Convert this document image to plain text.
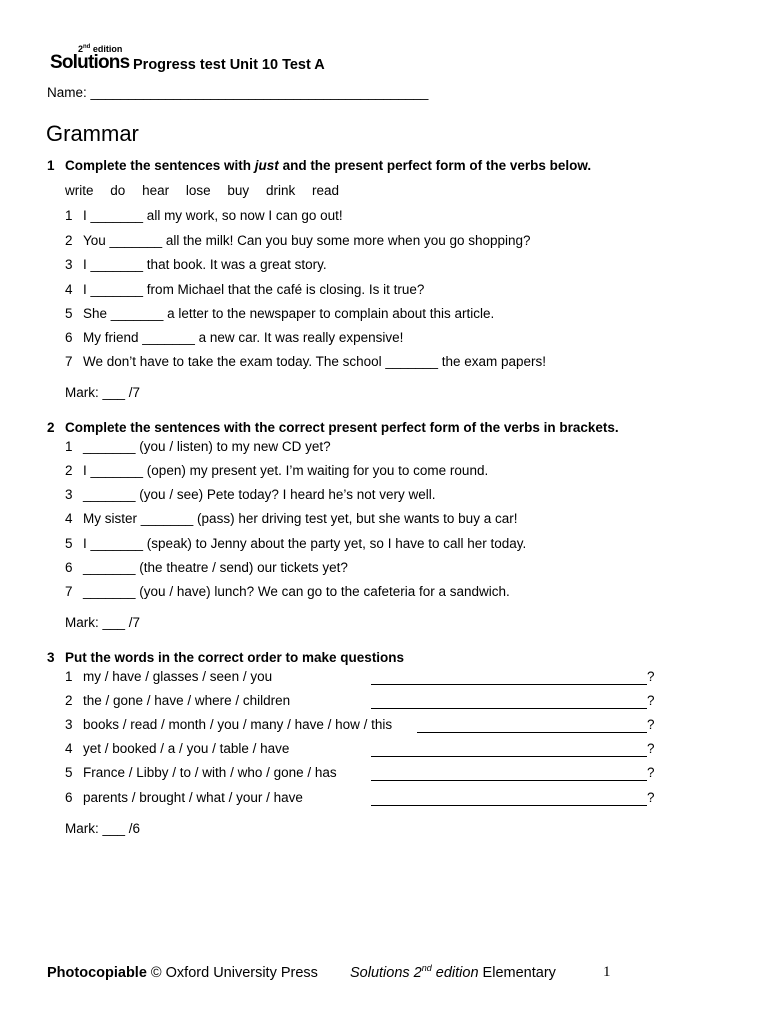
2nd edition
Solutions Progress test Unit 10 Test A
Name: _____________________________________________
Grammar
1 Complete the sentences with just and the present perfect form of the verbs below.
write do hear lose buy drink read
1 I _______ all my work, so now I can go out!
2 You _______ all the milk! Can you buy some more when you go shopping?
3 I _______ that book. It was a great story.
4 I _______ from Michael that the café is closing. Is it true?
5 She _______ a letter to the newspaper to complain about this article.
6 My friend _______ a new car. It was really expensive!
7 We don’t have to take the exam today. The school _______ the exam papers!
Mark: ___ /7
2 Complete the sentences with the correct present perfect form of the verbs in brackets.
1 _______ (you / listen) to my new CD yet?
2 I _______ (open) my present yet. I’m waiting for you to come round.
3 _______ (you / see) Pete today? I heard he’s not very well.
4 My sister _______ (pass) her driving test yet, but she wants to buy a car!
5 I _______ (speak) to Jenny about the party yet, so I have to call her today.
6 _______ (the theatre / send) our tickets yet?
7 _______ (you / have) lunch? We can go to the cafeteria for a sandwich.
Mark: ___ /7
3 Put the words in the correct order to make questions
1 my / have / glasses / seen / you	?
2 the / gone / have / where / children	?
3 books / read / month / you / many / have / how / this	?
4 yet / booked / a / you / table / have	?
5 France / Libby / to / with / who / gone / has	?
6 parents / brought / what / your / have	?
Mark: ___ /6
Photocopiable © Oxford University Press Solutions 2nd edition Elementary	1
